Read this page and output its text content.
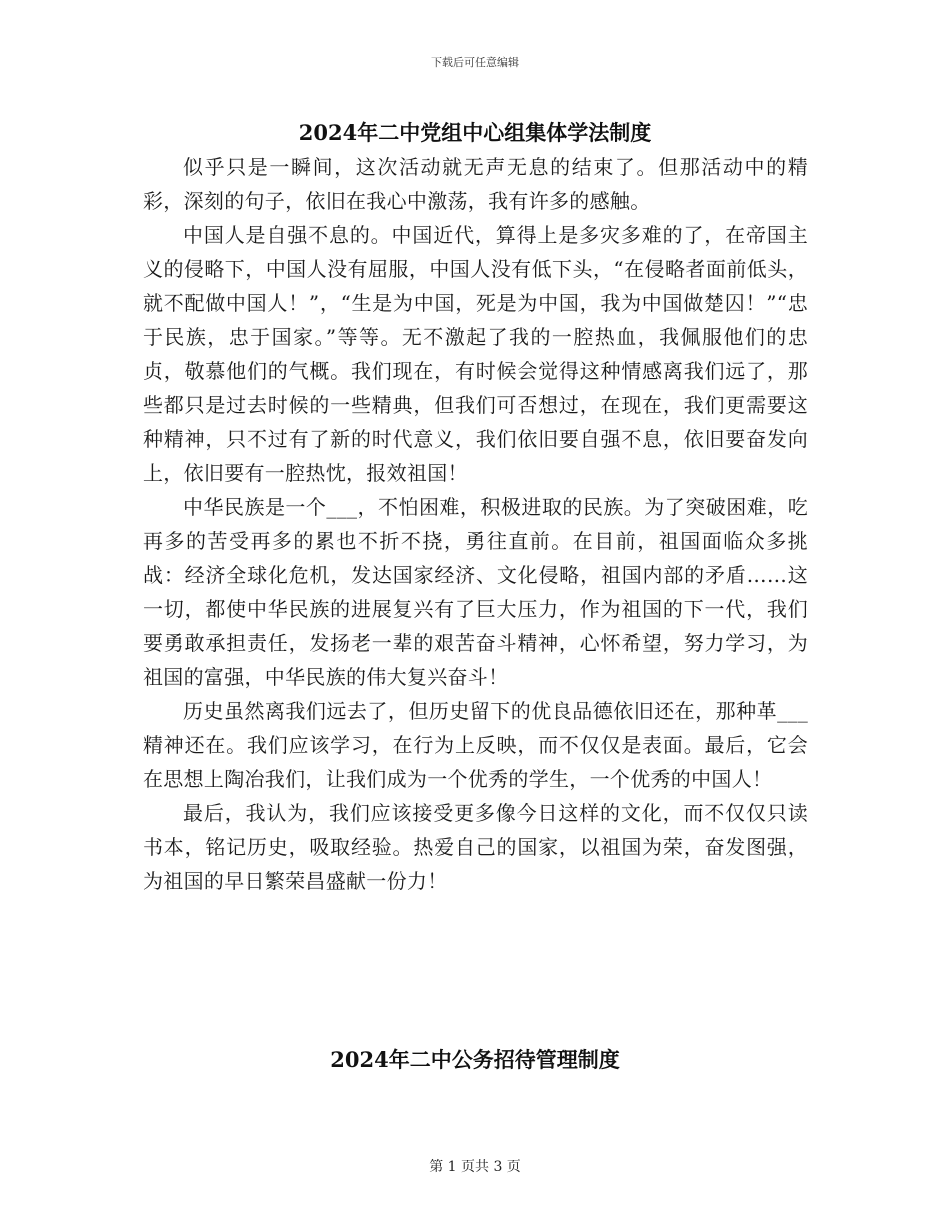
下载后可任意编辑
2024年二中党组中心组集体学法制度

似乎只是一瞬间，这次活动就无声无息的结束了。但那活动中的精彩，深刻的句子，依旧在我心中激荡，我有许多的感触。

中国人是自强不息的。中国近代，算得上是多灾多难的了，在帝国主义的侵略下，中国人没有屈服，中国人没有低下头，“在侵略者面前低头，就不配做中国人！”，“生是为中国，死是为中国，我为中国做楚囚！”“忠于民族，忠于国家。”等等。无不激起了我的一腔热血，我佩服他们的忠贞，敬慕他们的气概。我们现在，有时候会觉得这种情感离我们远了，那些都只是过去时候的一些精典，但我们可否想过，在现在，我们更需要这种精神，只不过有了新的时代意义，我们依旧要自强不息，依旧要奋发向上，依旧要有一腔热忱，报效祖国！

中华民族是一个___，不怕困难，积极进取的民族。为了突破困难，吃再多的苦受再多的累也不折不挠，勇往直前。在目前，祖国面临众多挑战：经济全球化危机，发达国家经济、文化侵略，祖国内部的矛盾……这一切，都使中华民族的进展复兴有了巨大压力，作为祖国的下一代，我们要勇敢承担责任，发扬老一辈的艰苦奋斗精神，心怀希望，努力学习，为祖国的富强，中华民族的伟大复兴奋斗！

历史虽然离我们远去了，但历史留下的优良品德依旧还在，那种革___精神还在。我们应该学习，在行为上反映，而不仅仅是表面。最后，它会在思想上陶冶我们，让我们成为一个优秀的学生，一个优秀的中国人！

最后，我认为，我们应该接受更多像今日这样的文化，而不仅仅只读书本，铭记历史，吸取经验。热爱自己的国家，以祖国为荣，奋发图强，为祖国的早日繁荣昌盛献一份力！

2024年二中公务招待管理制度
第 1 页共 3 页
